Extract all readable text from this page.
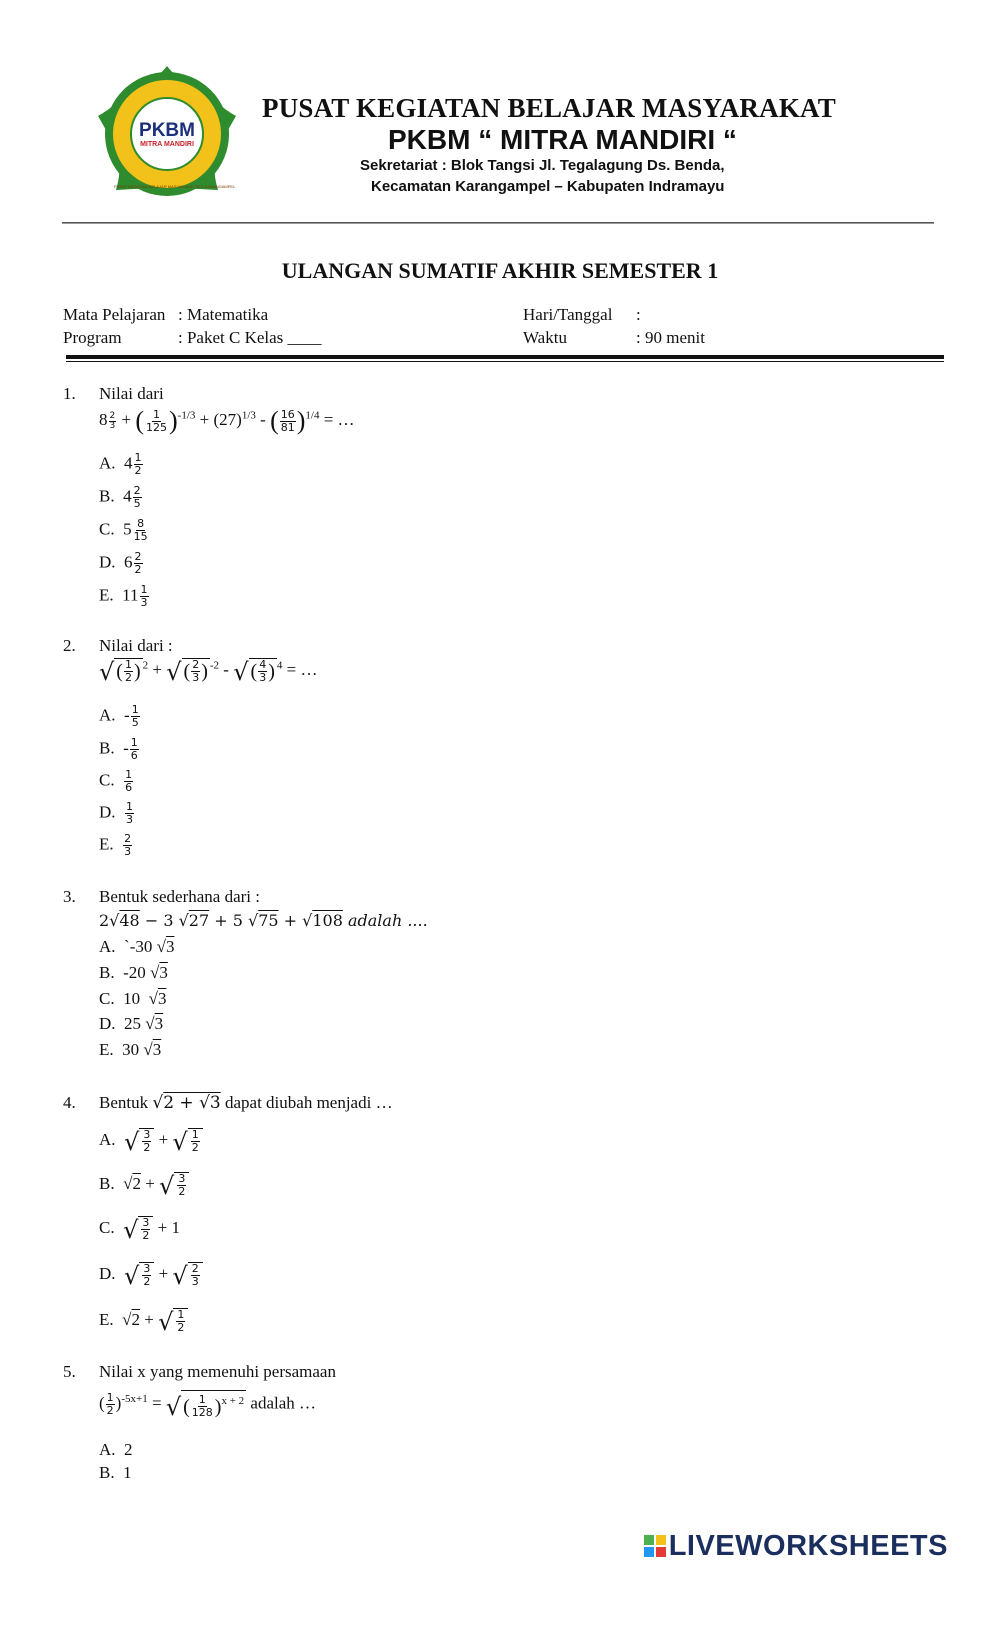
PKBM
MITRA MANDIRI
PUSAT KEGIATAN BELAJAR MASYARAKAT KEC.KARANGAMPEL
PUSAT KEGIATAN BELAJAR MASYARAKAT
PKBM “ MITRA MANDIRI “
Sekretariat : Blok Tangsi Jl. Tegalagung Ds. Benda,
Kecamatan Karangampel – Kabupaten Indramayu
ULANGAN SUMATIF AKHIR SEMESTER 1
Mata Pelajaran : Matematika
Program	: Paket C Kelas ____
Hari/Tanggal :
Waktu	: 90 menit
1. Nilai dari
$8 \frac{2}{3}$ + ( $\frac{1}{125} )^{-1/3} + (27)^{1/3}$ - ( $\frac{16}{81} )^{1/4}$ = …
A.  $4 \frac{1}{2}$
B.  $4 \frac{2}{5}$
C.  $5 \frac{8}{15}$
D.  $6 \frac{2}{2}$
E.  $11 \frac{1}{3}$
2. Nilai dari :
√ ( $\frac{1}{2}$ ) $^2$ + √ ( $\frac{2}{3}$ ) $^{-2}$ - √ ( $\frac{4}{3}$ ) $^4$ = …
A.  - $\frac{1}{5}$
B.  - $\frac{1}{6}$
C. $\frac{1}{6}$
D. $\frac{1}{3}$
E. $\frac{2}{3}$
3. Bentuk sederhana dari :
2√48 − 3 √27 + 5 √75 + √108 adalah ....
A. `-30 √3
B. -20 √3
C. 10  √3
D. 25 √3
E. 30 √3
4. Bentuk √2 + √3 dapat diubah menjadi …
A. √ $\frac{3}{2}$ + √ $\frac{1}{2}$
B.  √2 + √ $\frac{3}{2}$
C. √ $\frac{3}{2} + 1$
D. √ $\frac{3}{2}$ + √ $\frac{2}{3}$
E.  √2 + √ $\frac{1}{2}$
5. Nilai x yang memenuhi persamaan
( $\frac{1}{2} )^{-5x+1}$ = √ ( $\frac{1}{128} )^{x + 2}$ adalah …
A. 2
B. 1
LIVEWORKSHEETS
